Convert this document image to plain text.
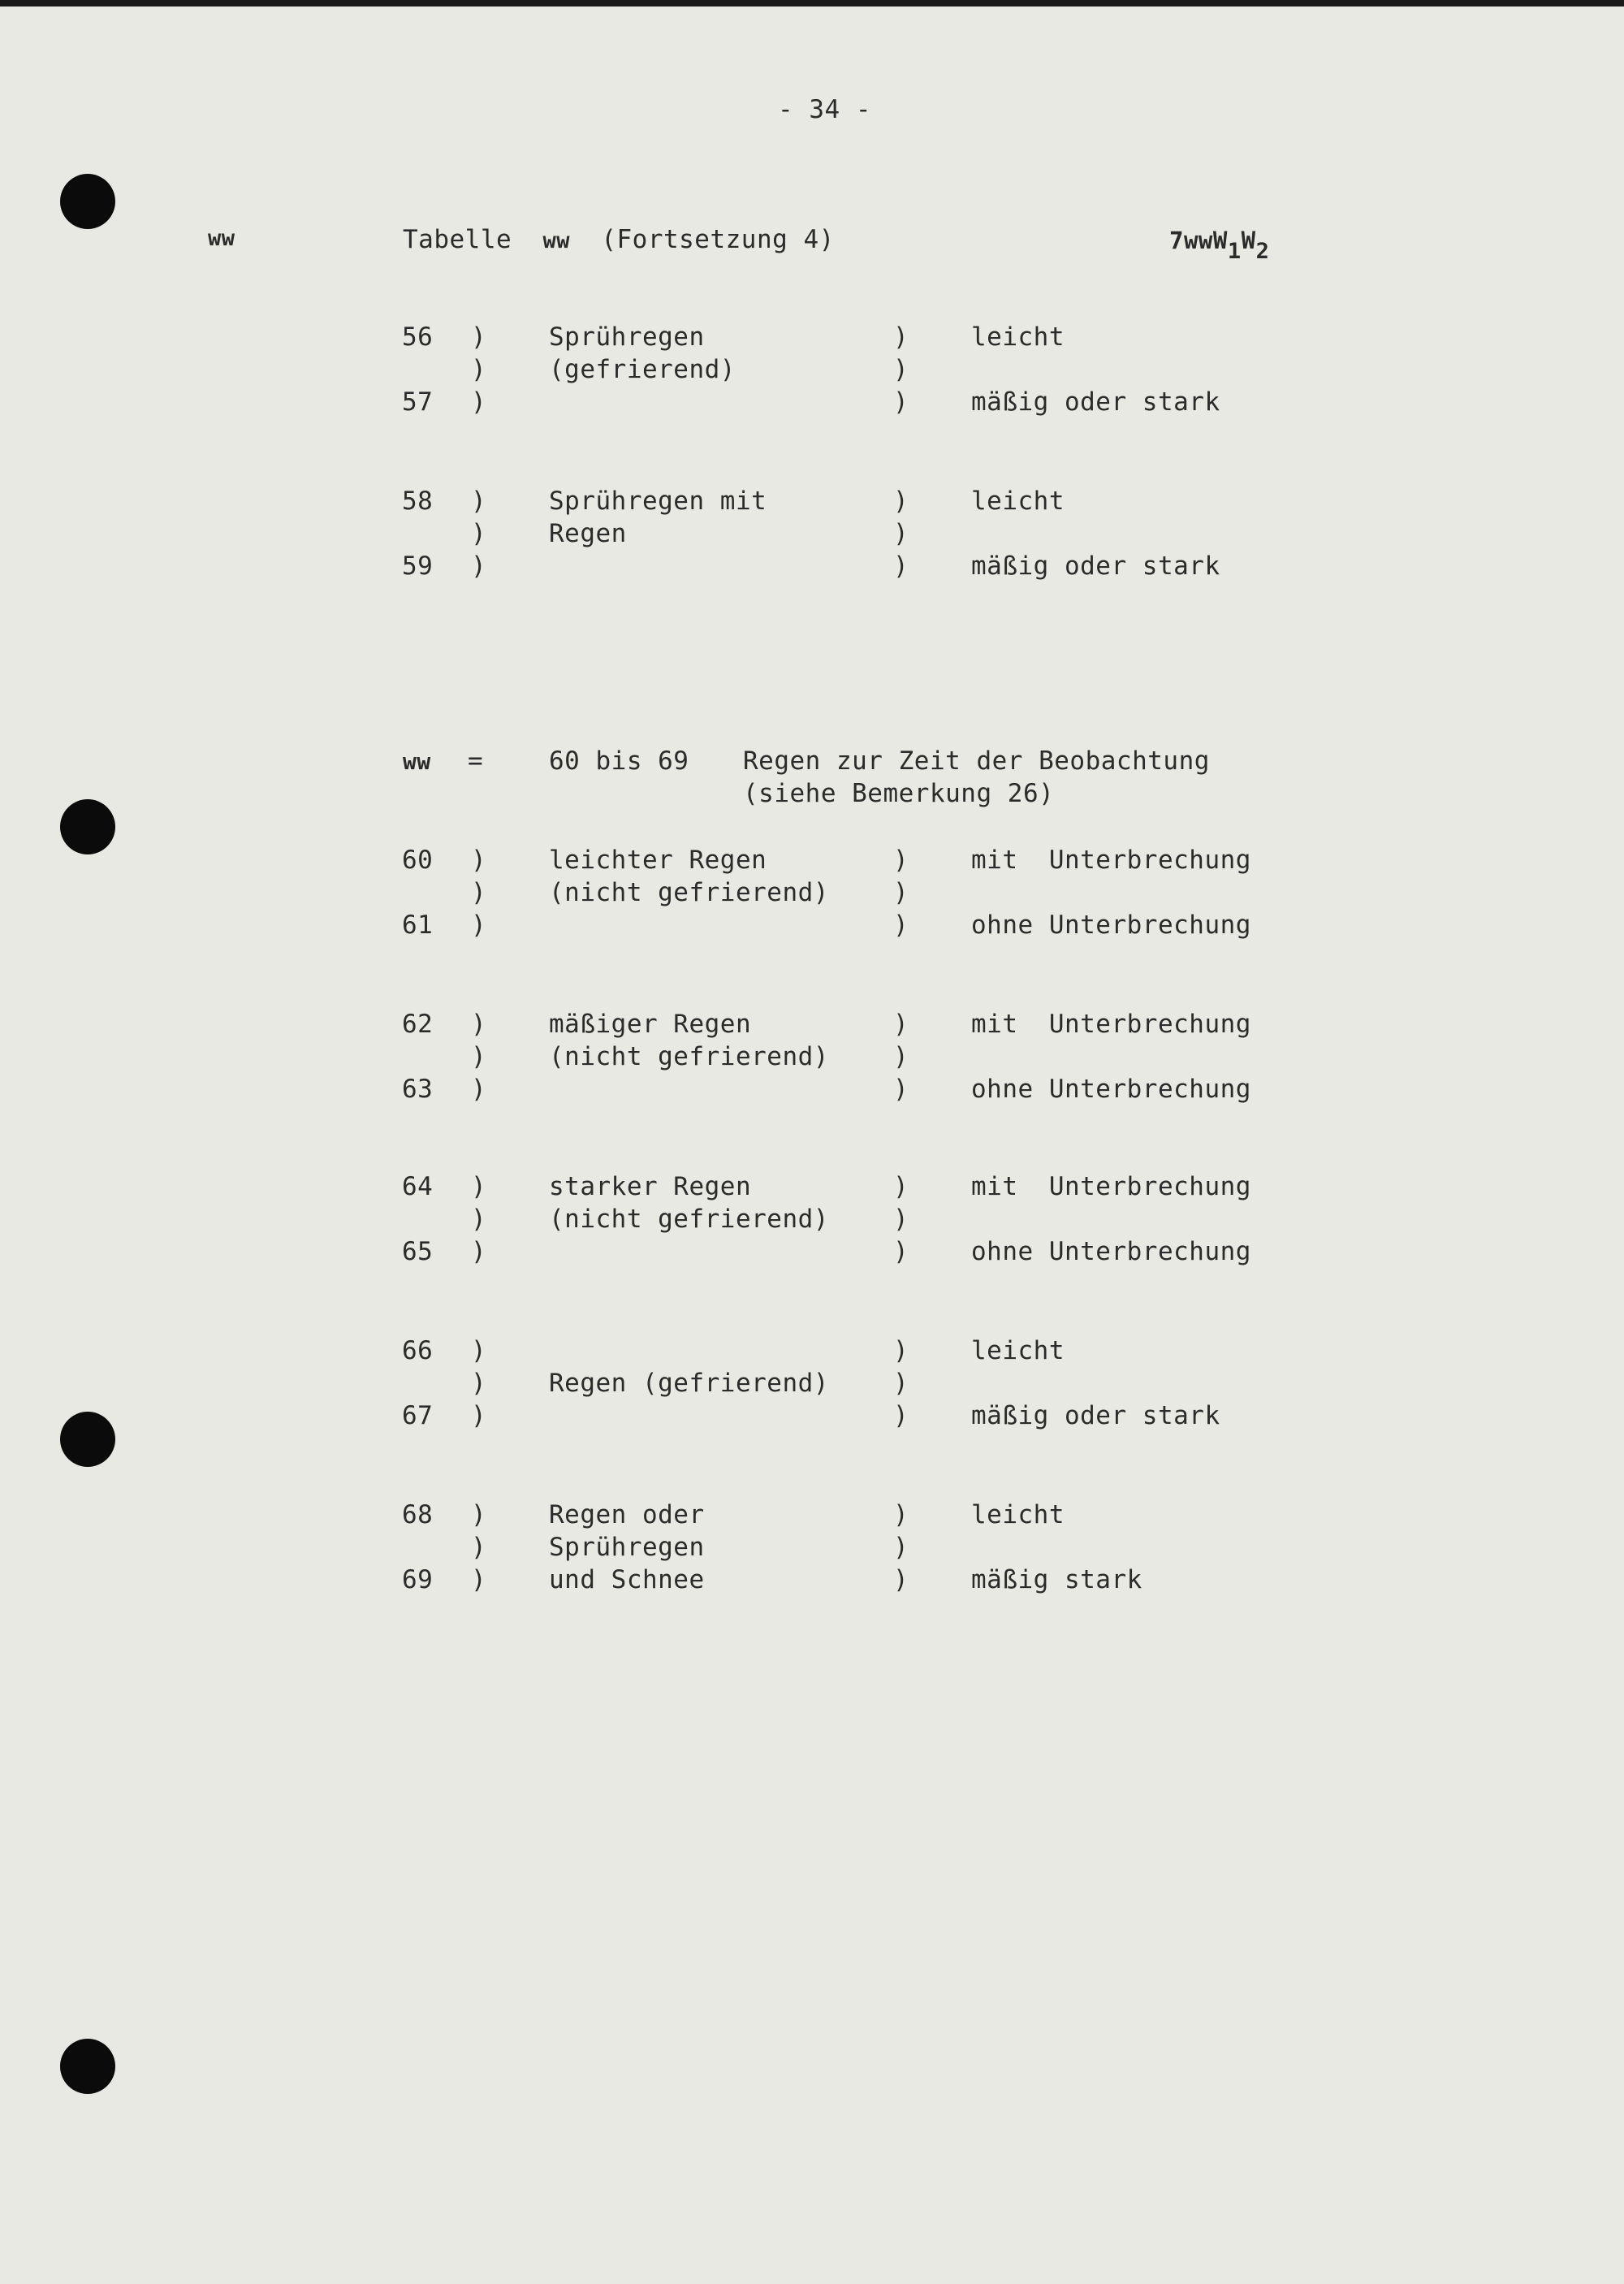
- 34 -
ww	Tabelle ww (Fortsetzung 4)	$7wwW_1W_2$
56 ) Sprühregen	) leicht
) (gefrierend)	)
57 )	) mäßig oder stark
58 ) Sprühregen mit	) leicht
) Regen	)
59 )	) mäßig oder stark
ww =	60 bis 69 Regen zur Zeit der Beobachtung
(siehe Bemerkung 26)
60 ) leichter Regen	) mit  Unterbrechung
) (nicht gefrierend)	)
61 )	) ohne Unterbrechung
62 ) mäßiger Regen	) mit  Unterbrechung
) (nicht gefrierend)	)
63 )	) ohne Unterbrechung
64 ) starker Regen	) mit  Unterbrechung
) (nicht gefrierend)	)
65 )	) ohne Unterbrechung
66 )	) leicht
) Regen (gefrierend)	)
67 )	) mäßig oder stark
68 ) Regen oder	) leicht
) Sprühregen	)
69 ) und Schnee	) mäßig stark
